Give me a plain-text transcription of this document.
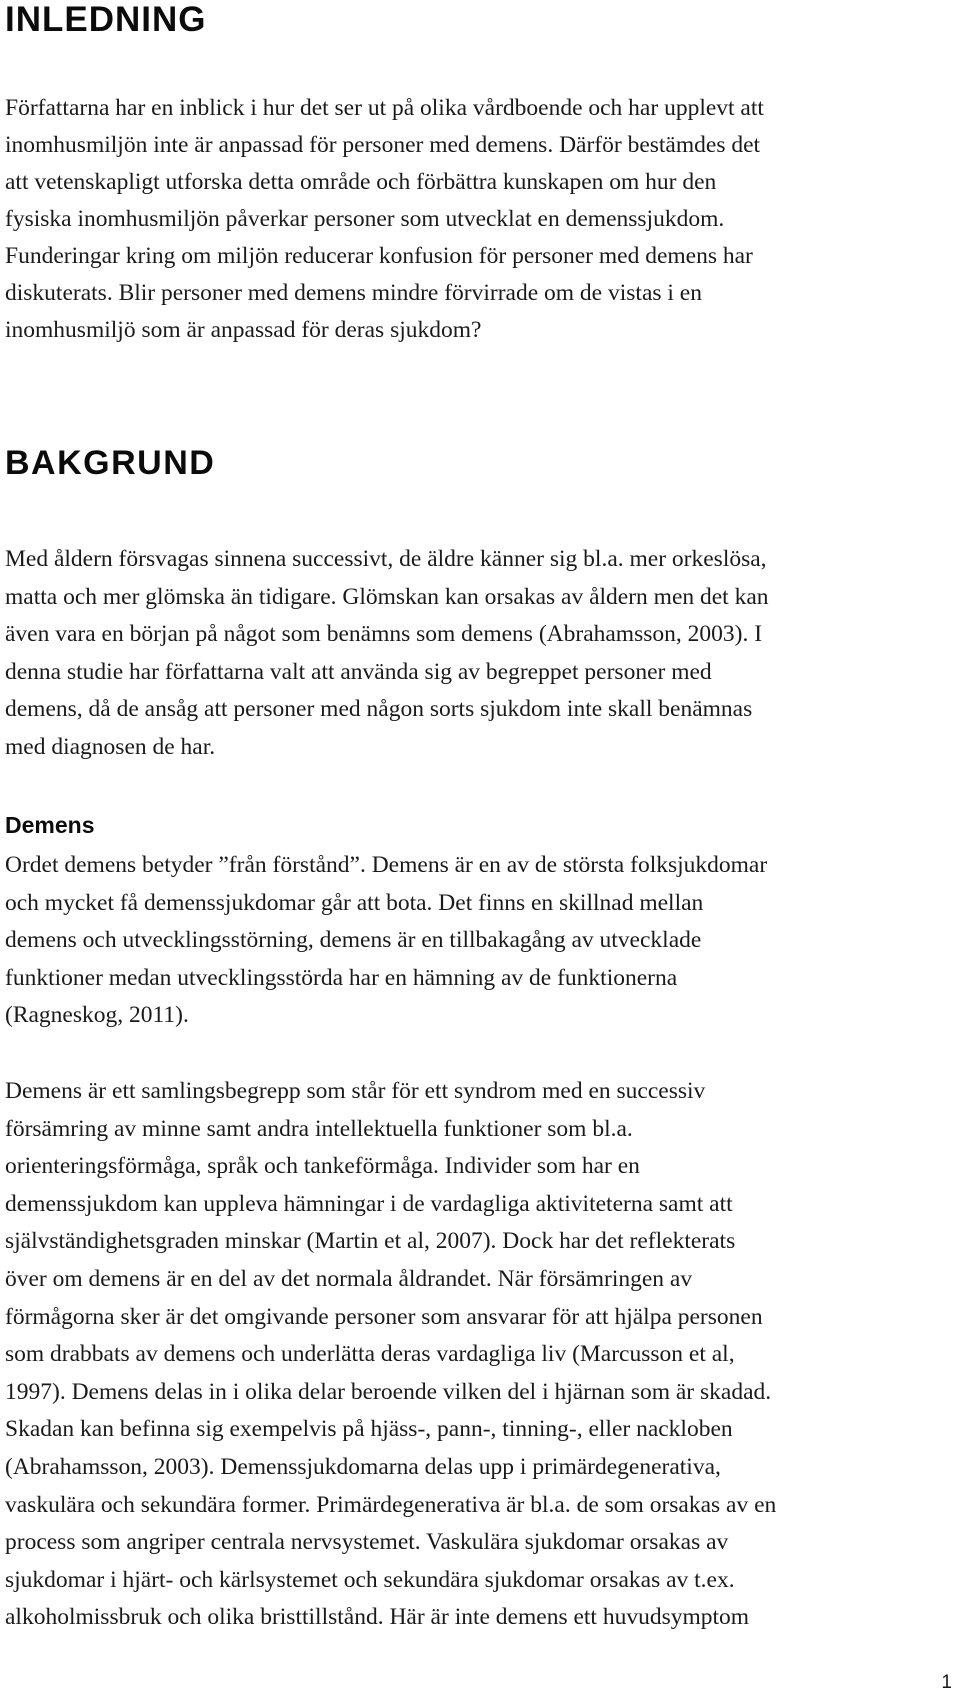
INLEDNING

Författarna har en inblick i hur det ser ut på olika vårdboende och har upplevt att
inomhusmiljön inte är anpassad för personer med demens. Därför bestämdes det
att vetenskapligt utforska detta område och förbättra kunskapen om hur den
fysiska inomhusmiljön påverkar personer som utvecklat en demenssjukdom.
Funderingar kring om miljön reducerar konfusion för personer med demens har
diskuterats. Blir personer med demens mindre förvirrade om de vistas i en
inomhusmiljö som är anpassad för deras sjukdom?

BAKGRUND

Med åldern försvagas sinnena successivt, de äldre känner sig bl.a. mer orkeslösa,
matta och mer glömska än tidigare. Glömskan kan orsakas av åldern men det kan
även vara en början på något som benämns som demens (Abrahamsson, 2003). I
denna studie har författarna valt att använda sig av begreppet personer med
demens, då de ansåg att personer med någon sorts sjukdom inte skall benämnas
med diagnosen de har.

Demens

Ordet demens betyder ”från förstånd”. Demens är en av de största folksjukdomar
och mycket få demenssjukdomar går att bota. Det finns en skillnad mellan
demens och utvecklingsstörning, demens är en tillbakagång av utvecklade
funktioner medan utvecklingsstörda har en hämning av de funktionerna
(Ragneskog, 2011).

Demens är ett samlingsbegrepp som står för ett syndrom med en successiv
försämring av minne samt andra intellektuella funktioner som bl.a.
orienteringsförmåga, språk och tankeförmåga. Individer som har en
demenssjukdom kan uppleva hämningar i de vardagliga aktiviteterna samt att
självständighetsgraden minskar (Martin et al, 2007). Dock har det reflekterats
över om demens är en del av det normala åldrandet. När försämringen av
förmågorna sker är det omgivande personer som ansvarar för att hjälpa personen
som drabbats av demens och underlätta deras vardagliga liv (Marcusson et al,
1997). Demens delas in i olika delar beroende vilken del i hjärnan som är skadad.
Skadan kan befinna sig exempelvis på hjäss-, pann-, tinning-, eller nackloben
(Abrahamsson, 2003). Demenssjukdomarna delas upp i primärdegenerativa,
vaskulära och sekundära former. Primärdegenerativa är bl.a. de som orsakas av en
process som angriper centrala nervsystemet. Vaskulära sjukdomar orsakas av
sjukdomar i hjärt- och kärlsystemet och sekundära sjukdomar orsakas av t.ex.
alkoholmissbruk och olika bristtillstånd. Här är inte demens ett huvudsymptom

1
